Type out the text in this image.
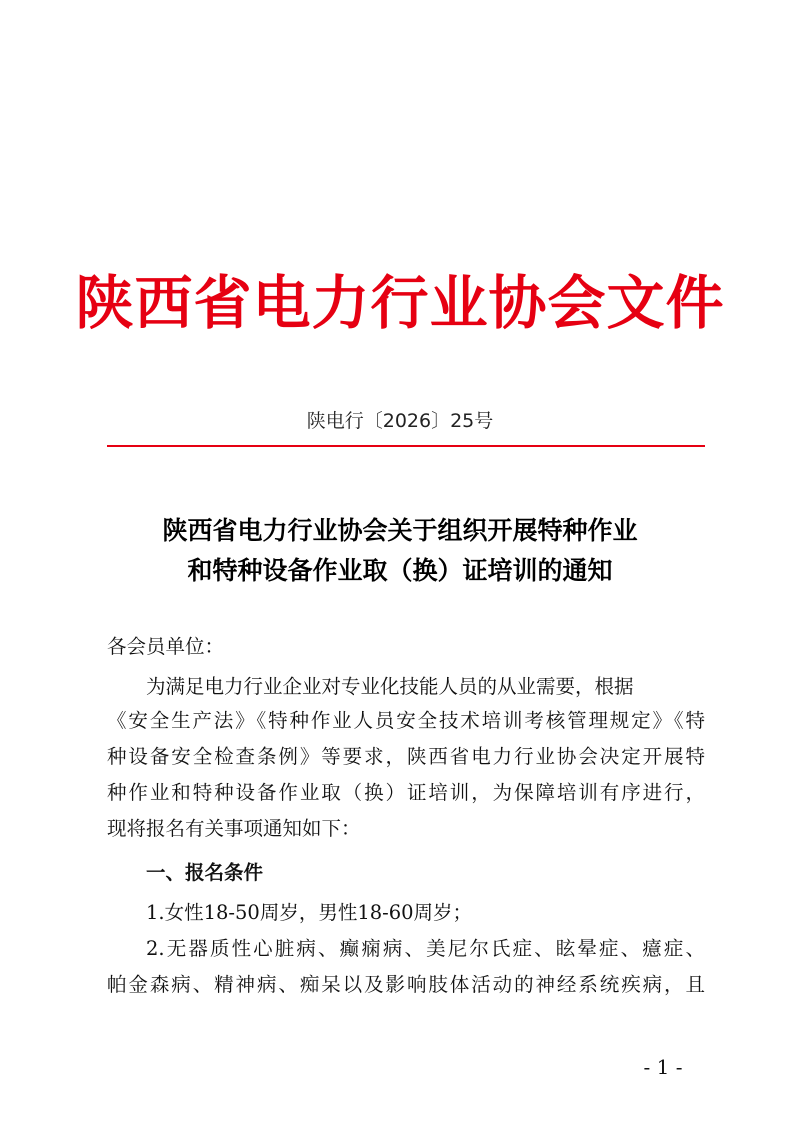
陕西省电力行业协会文件
陕电行〔2026〕25号
陕西省电力行业协会关于组织开展特种作业
和特种设备作业取（换）证培训的通知
各会员单位：
为满足电力行业企业对专业化技能人员的从业需要，根据
《安全生产法》《特种作业人员安全技术培训考核管理规定》《特
种设备安全检查条例》等要求，陕西省电力行业协会决定开展特
种作业和特种设备作业取（换）证培训，为保障培训有序进行，
现将报名有关事项通知如下：
一、报名条件
1.女性18-50周岁，男性18-60周岁；
2.无器质性心脏病、癫痫病、美尼尔氏症、眩晕症、癔症、
帕金森病、精神病、痴呆以及影响肢体活动的神经系统疾病，且
- 1 -
